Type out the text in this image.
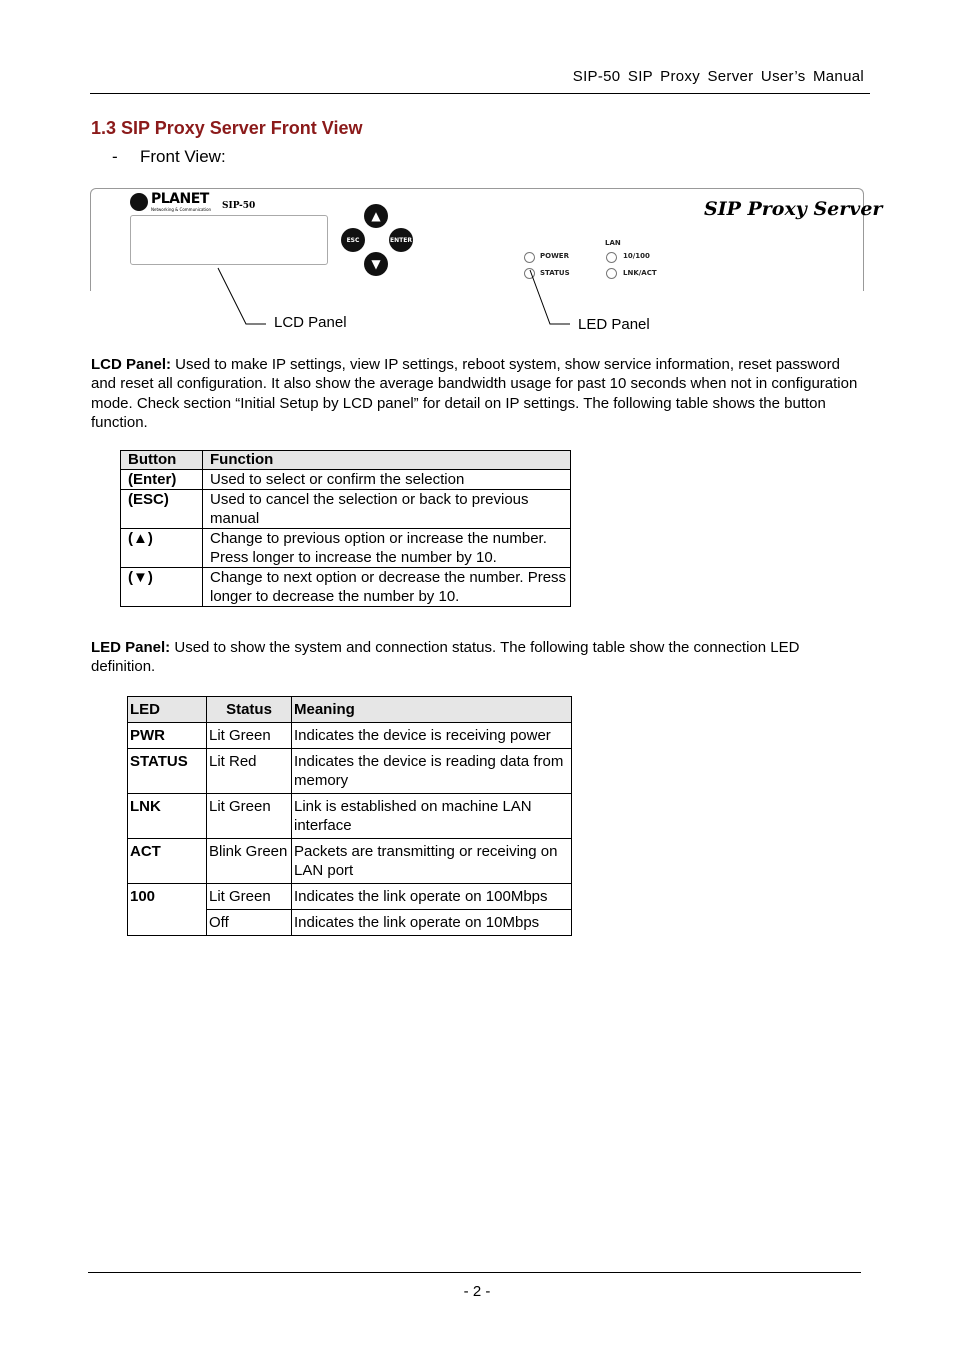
SIP-50 SIP Proxy Server User’s Manual
1.3 SIP Proxy Server Front View
- Front View:
PLANET
Networking & Communication SIP-50
▲
ESC	ENTER
▼
POWER
STATUS
LAN
10/100
LNK/ACT
SIP Proxy Server
LCD Panel	LED Panel
LCD Panel: Used to make IP settings, view IP settings, reboot system, show service information, reset password and reset all configuration. It also show the average bandwidth usage for past 10 seconds when not in configuration mode. Check section “Initial Setup by LCD panel” for detail on IP settings. The following table shows the button function.
Button	Function
(Enter)	Used to select or confirm the selection
(ESC)	Used to cancel the selection or back to previous manual
(▲)	Change to previous option or increase the number. Press longer to increase the number by 10.
(▼)	Change to next option or decrease the number. Press longer to decrease the number by 10.
LED Panel: Used to show the system and connection status. The following table show the connection LED definition.
LED	Status	Meaning
PWR	Lit Green	Indicates the device is receiving power
STATUS	Lit Red	Indicates the device is reading data from memory
LNK	Lit Green	Link is established on machine LAN interface
ACT	Blink Green	Packets are transmitting or receiving on LAN port
100	Lit Green	Indicates the link operate on 100Mbps
	Off	Indicates the link operate on 10Mbps
- 2 -
